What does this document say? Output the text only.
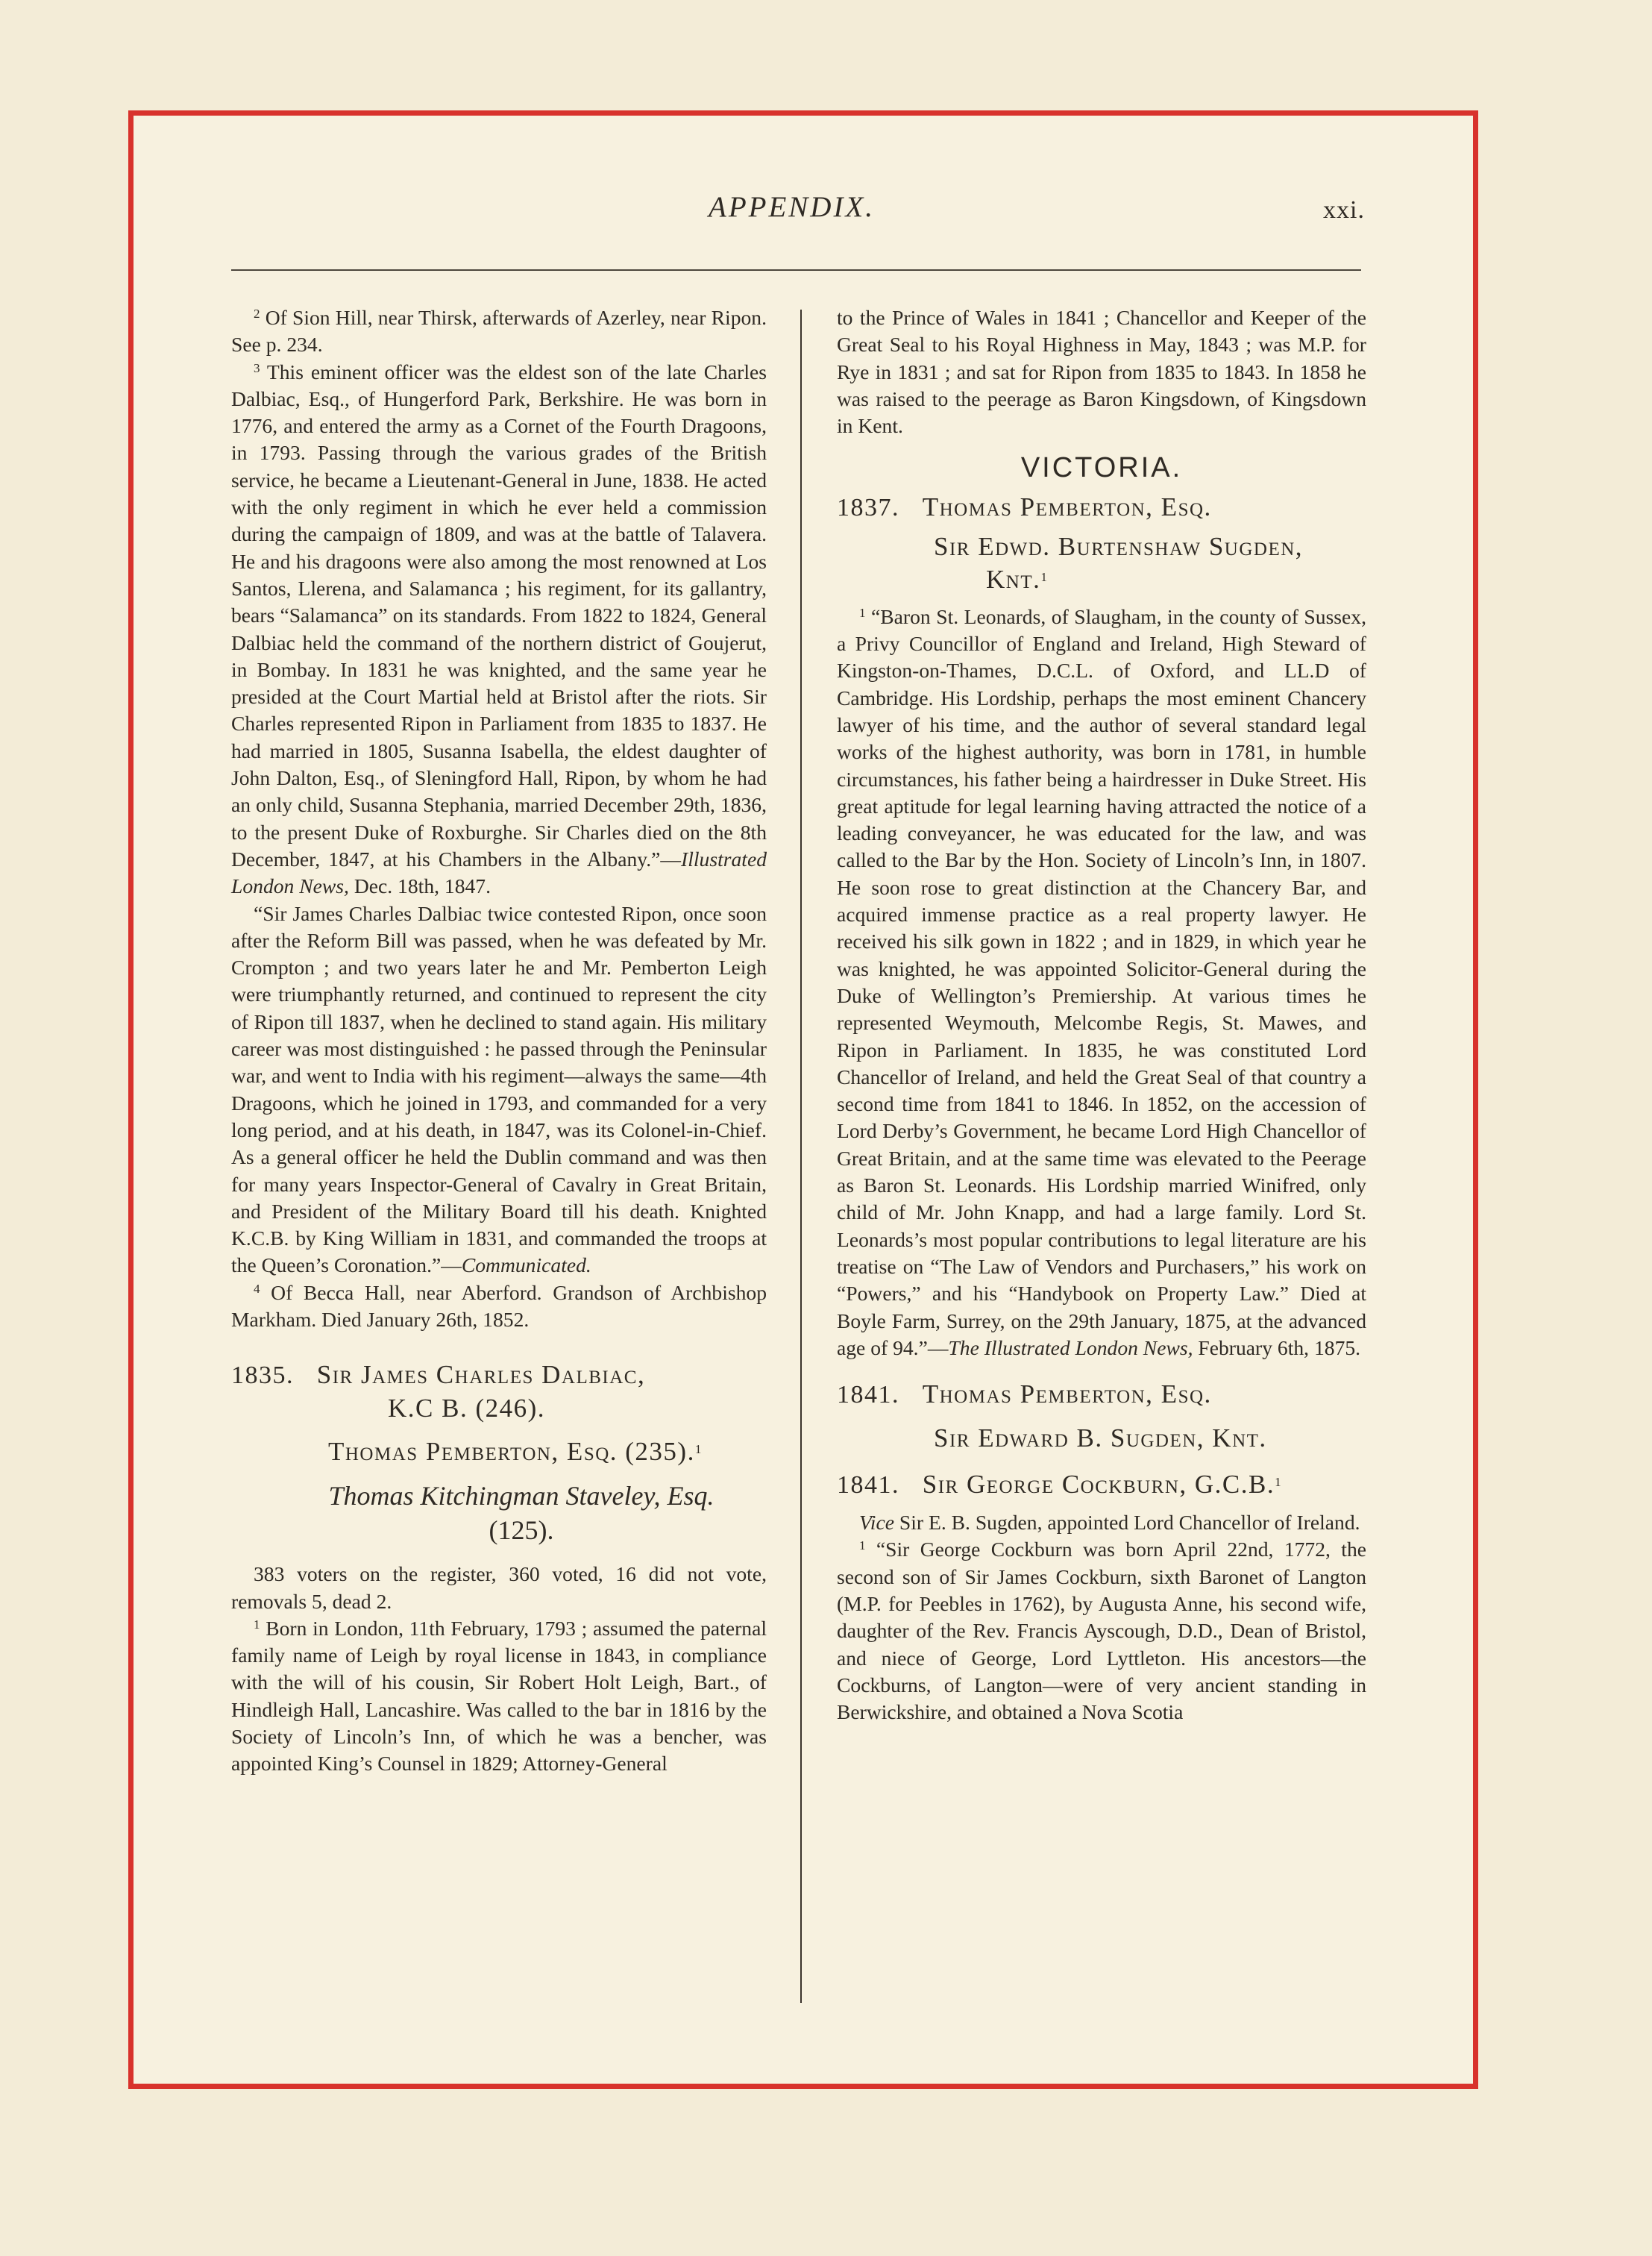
APPENDIX.	xxi.

$^2$ Of Sion Hill, near Thirsk, afterwards of Azerley, near Ripon. See p. 234.

$^3$ This eminent officer was the eldest son of the late Charles Dalbiac, Esq., of Hungerford Park, Berkshire. He was born in 1776, and entered the army as a Cornet of the Fourth Dragoons, in 1793. Passing through the various grades of the British service, he became a Lieutenant-General in June, 1838. He acted with the only regiment in which he ever held a commission during the campaign of 1809, and was at the battle of Talavera. He and his dragoons were also among the most renowned at Los Santos, Llerena, and Salamanca ; his regiment, for its gallantry, bears “Salamanca” on its standards. From 1822 to 1824, General Dalbiac held the command of the northern district of Goujerut, in Bombay. In 1831 he was knighted, and the same year he presided at the Court Martial held at Bristol after the riots. Sir Charles represented Ripon in Parliament from 1835 to 1837. He had married in 1805, Susanna Isabella, the eldest daughter of John Dalton, Esq., of Sleningford Hall, Ripon, by whom he had an only child, Susanna Stephania, married December 29th, 1836, to the present Duke of Roxburghe. Sir Charles died on the 8th December, 1847, at his Chambers in the Albany.”—Illustrated London News, Dec. 18th, 1847.

“Sir James Charles Dalbiac twice contested Ripon, once soon after the Reform Bill was passed, when he was defeated by Mr. Crompton ; and two years later he and Mr. Pemberton Leigh were triumphantly returned, and continued to represent the city of Ripon till 1837, when he declined to stand again. His military career was most distinguished : he passed through the Peninsular war, and went to India with his regiment—always the same—4th Dragoons, which he joined in 1793, and commanded for a very long period, and at his death, in 1847, was its Colonel-in-Chief. As a general officer he held the Dublin command and was then for many years Inspector-General of Cavalry in Great Britain, and President of the Military Board till his death. Knighted K.C.B. by King William in 1831, and commanded the troops at the Queen’s Coronation.”—Communicated.

$^4$ Of Becca Hall, near Aberford. Grandson of Archbishop Markham. Died January 26th, 1852.

1835. Sir James Charles Dalbiac,
K.C B. (246).
Thomas Pemberton, Esq. (235).$^1$
Thomas Kitchingman Staveley, Esq.
(125).

383 voters on the register, 360 voted, 16 did not vote, removals 5, dead 2.

$^1$ Born in London, 11th February, 1793 ; assumed the paternal family name of Leigh by royal license in 1843, in compliance with the will of his cousin, Sir Robert Holt Leigh, Bart., of Hindleigh Hall, Lancashire. Was called to the bar in 1816 by the Society of Lincoln’s Inn, of which he was a bencher, was appointed King’s Counsel in 1829; Attorney-General

to the Prince of Wales in 1841 ; Chancellor and Keeper of the Great Seal to his Royal Highness in May, 1843 ; was M.P. for Rye in 1831 ; and sat for Ripon from 1835 to 1843. In 1858 he was raised to the peerage as Baron Kingsdown, of Kingsdown in Kent.

VICTORIA.
1837. Thomas Pemberton, Esq.
Sir Edwd. Burtenshaw Sugden,
Knt.$^1$

$^1$ “Baron St. Leonards, of Slaugham, in the county of Sussex, a Privy Councillor of England and Ireland, High Steward of Kingston-on-Thames, D.C.L. of Oxford, and LL.D of Cambridge. His Lordship, perhaps the most eminent Chancery lawyer of his time, and the author of several standard legal works of the highest authority, was born in 1781, in humble circumstances, his father being a hairdresser in Duke Street. His great aptitude for legal learning having attracted the notice of a leading conveyancer, he was educated for the law, and was called to the Bar by the Hon. Society of Lincoln’s Inn, in 1807. He soon rose to great distinction at the Chancery Bar, and acquired immense practice as a real property lawyer. He received his silk gown in 1822 ; and in 1829, in which year he was knighted, he was appointed Solicitor-General during the Duke of Wellington’s Premiership. At various times he represented Weymouth, Melcombe Regis, St. Mawes, and Ripon in Parliament. In 1835, he was constituted Lord Chancellor of Ireland, and held the Great Seal of that country a second time from 1841 to 1846. In 1852, on the accession of Lord Derby’s Government, he became Lord High Chancellor of Great Britain, and at the same time was elevated to the Peerage as Baron St. Leonards. His Lordship married Winifred, only child of Mr. John Knapp, and had a large family. Lord St. Leonards’s most popular contributions to legal literature are his treatise on “The Law of Vendors and Purchasers,” his work on “Powers,” and his “Handybook on Property Law.” Died at Boyle Farm, Surrey, on the 29th January, 1875, at the advanced age of 94.”—The Illustrated London News, February 6th, 1875.

1841. Thomas Pemberton, Esq.
Sir Edward B. Sugden, Knt.
1841. Sir George Cockburn, G.C.B.$^1$

Vice Sir E. B. Sugden, appointed Lord Chancellor of Ireland.

$^1$ “Sir George Cockburn was born April 22nd, 1772, the second son of Sir James Cockburn, sixth Baronet of Langton (M.P. for Peebles in 1762), by Augusta Anne, his second wife, daughter of the Rev. Francis Ayscough, D.D., Dean of Bristol, and niece of George, Lord Lyttleton. His ancestors—the Cockburns, of Langton—were of very ancient standing in Berwickshire, and obtained a Nova Scotia
